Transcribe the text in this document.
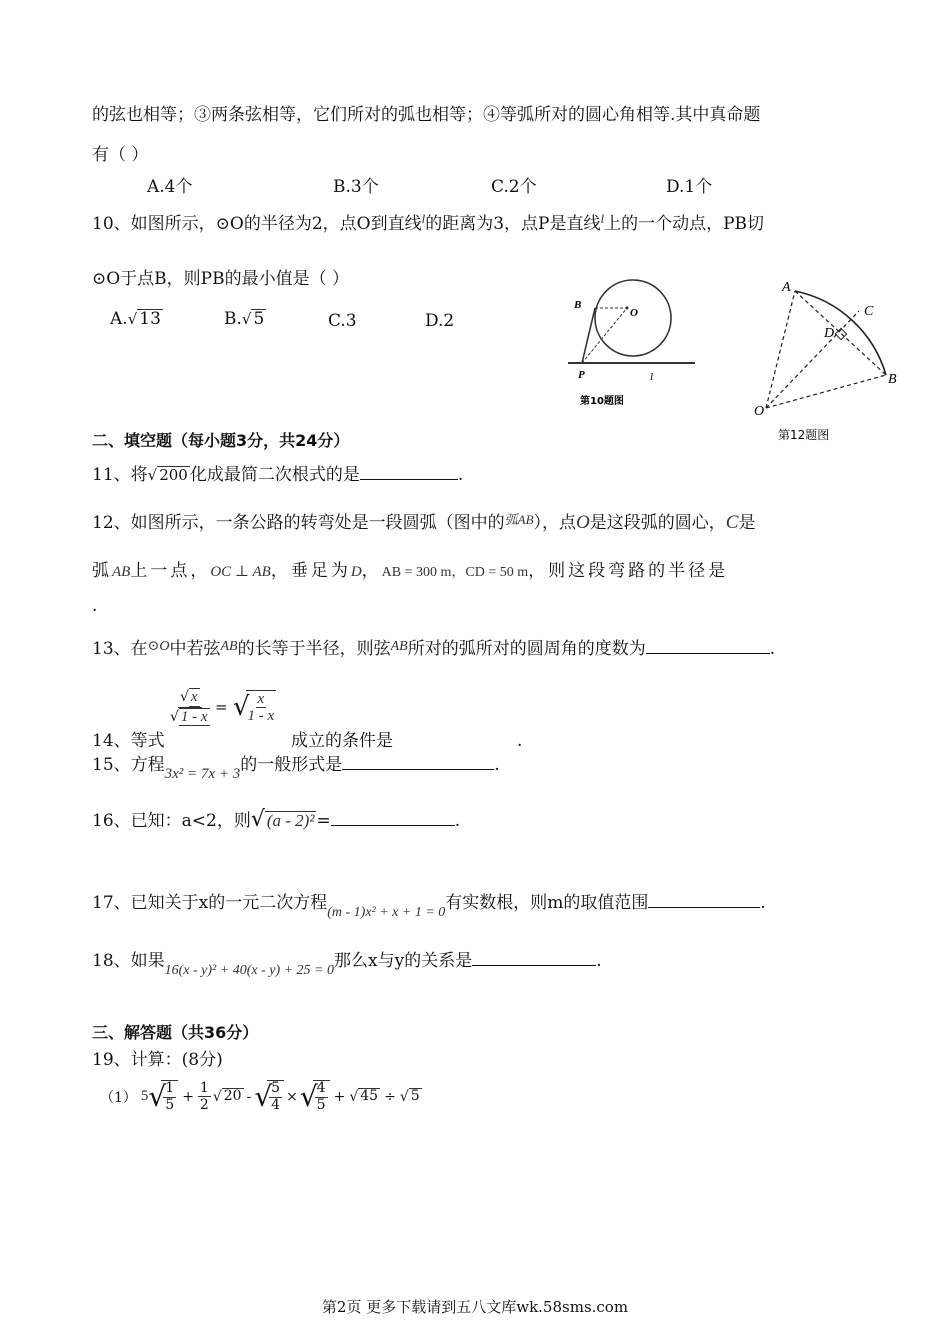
的弦也相等；③两条弦相等，它们所对的弧也相等；④等弧所对的圆心角相等.其中真命题
有（ ）
A.4个	B.3个	C.2个	D.1个
10、如图所示，⊙O的半径为2，点O到直线$^l$的距离为3，点P是直线$^l$上的一个动点，PB切
⊙O于点B，则PB的最小值是（ ）
A.√ 13	B.√ 5	C.3	D.2
B
O
P	l
第10题图
A
C
D
B
O
第12题图
二、填空题（每小题3分，共24分）
11、将√ 200 化成最简二次根式的是	.
12、如图所示，一条公路的转弯处是一段圆弧（图中的$^{弧AB}$），点O是这段弧的圆心，C是
弧AB上一点，OC ⊥ AB，垂足为D，AB = 300 m，CD = 50 m，则这段弯路的半径是
.
13、在$^{⊙O}$中若弦$^{AB}$的长等于半径，则弦$^{AB}$所对的弧所对的圆周角的度数为	.
14、等式
$\frac{√ x}{√ 1 - x}$ = √
$\frac{x}{1 - x}$
成立的条件是	.
15、方程3x² = 7x + 3的一般形式是	.
16、已知：a<2，则√ (a - 2)² =	.
17、已知关于x的一元二次方程$_{(m - 1)x^2 + x + 1 = 0}$有实数根，则m的取值范围	.
18、如果$_{16(x - y)^2 + 40(x - y) + 25 = 0}$那么x与y的关系是	.
三、解答题（共36分）
19、计算：(8分)
（1） 5 √
$\frac{1}{5} + \frac{1}{2}$ √ 20 - √
$\frac{5}{4}$ × √
$\frac{4}{5}$ + √ 45 ÷ √ 5
第2页 更多下载请到五八文库wk.58sms.com
